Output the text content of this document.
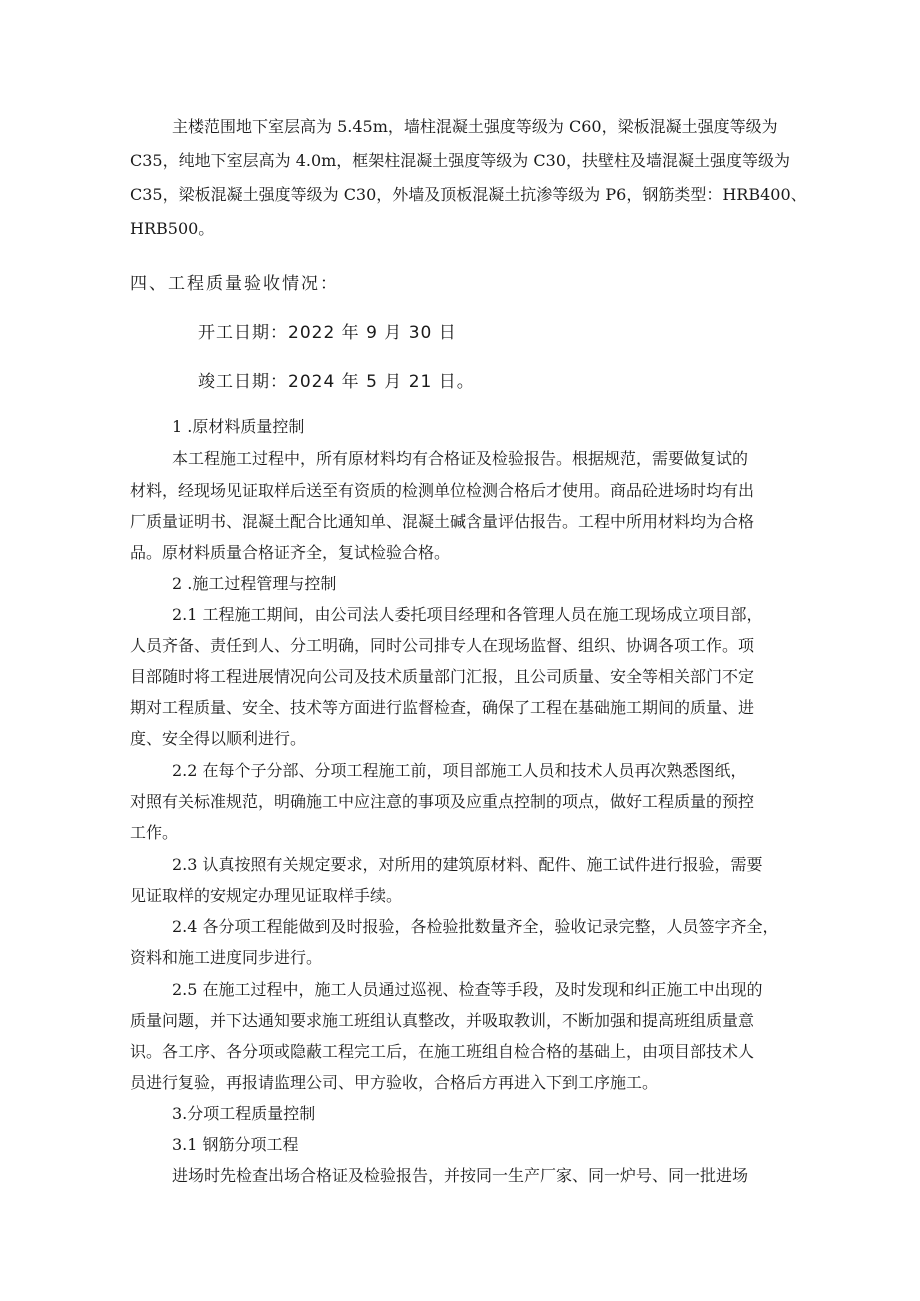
主楼范围地下室层高为 5.45m，墙柱混凝土强度等级为 C60，梁板混凝土强度等级为
C35，纯地下室层高为 4.0m，框架柱混凝土强度等级为 C30，扶壁柱及墙混凝土强度等级为
C35，梁板混凝土强度等级为 C30，外墙及顶板混凝土抗渗等级为 P6，钢筋类型：HRB400、
HRB500。
四、工程质量验收情况：
开工日期：2022 年 9 月 30 日
竣工日期：2024 年 5 月 21 日。
1 .原材料质量控制
本工程施工过程中，所有原材料均有合格证及检验报告。根据规范，需要做复试的
材料，经现场见证取样后送至有资质的检测单位检测合格后才使用。商品砼进场时均有出
厂质量证明书、混凝土配合比通知单、混凝土碱含量评估报告。工程中所用材料均为合格
品。原材料质量合格证齐全，复试检验合格。
2 .施工过程管理与控制
2.1 工程施工期间，由公司法人委托项目经理和各管理人员在施工现场成立项目部，
人员齐备、责任到人、分工明确，同时公司排专人在现场监督、组织、协调各项工作。项
目部随时将工程进展情况向公司及技术质量部门汇报，且公司质量、安全等相关部门不定
期对工程质量、安全、技术等方面进行监督检查，确保了工程在基础施工期间的质量、进
度、安全得以顺利进行。
2.2 在每个子分部、分项工程施工前，项目部施工人员和技术人员再次熟悉图纸，
对照有关标准规范，明确施工中应注意的事项及应重点控制的项点，做好工程质量的预控
工作。
2.3 认真按照有关规定要求，对所用的建筑原材料、配件、施工试件进行报验，需要
见证取样的安规定办理见证取样手续。
2.4 各分项工程能做到及时报验，各检验批数量齐全，验收记录完整，人员签字齐全，
资料和施工进度同步进行。
2.5 在施工过程中，施工人员通过巡视、检查等手段，及时发现和纠正施工中出现的
质量问题，并下达通知要求施工班组认真整改，并吸取教训，不断加强和提高班组质量意
识。各工序、各分项或隐蔽工程完工后，在施工班组自检合格的基础上，由项目部技术人
员进行复验，再报请监理公司、甲方验收，合格后方再进入下到工序施工。
3.分项工程质量控制
3.1 钢筋分项工程
进场时先检查出场合格证及检验报告，并按同一生产厂家、同一炉号、同一批进场
